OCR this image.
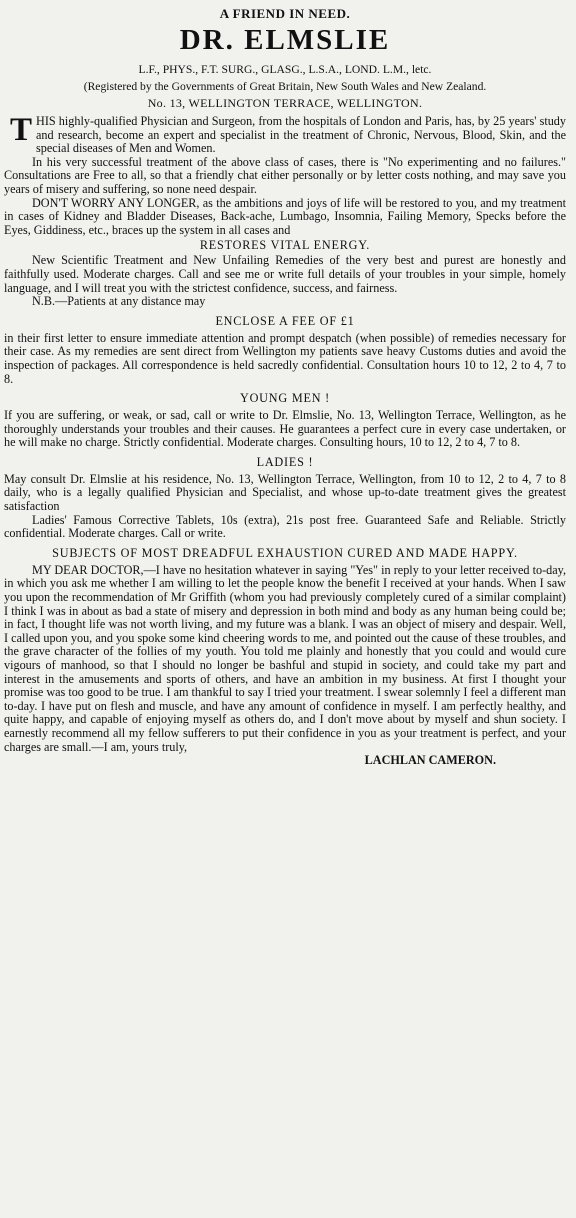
A FRIEND IN NEED.
DR. ELMSLIE
L.F., PHYS., F.T. SURG., GLASG., L.S.A., LOND. L.M., letc.
(Registered by the Governments of Great Britain, New South Wales and New Zealand.
No. 13, WELLINGTON TERRACE, WELLINGTON.

THIS highly-qualified Physician and Surgeon, from the hospitals of London and Paris, has, by 25 years' study and research, become an expert and specialist in the treatment of Chronic, Nervous, Blood, Skin, and the special diseases of Men and Women.

In his very successful treatment of the above class of cases, there is "No experimenting and no failures." Consultations are Free to all, so that a friendly chat either personally or by letter costs nothing, and may save you years of misery and suffering, so none need despair.

DON'T WORRY ANY LONGER, as the ambitions and joys of life will be restored to you, and my treatment in cases of Kidney and Bladder Diseases, Back-ache, Lumbago, Insomnia, Failing Memory, Specks before the Eyes, Giddiness, etc., braces up the system in all cases and

RESTORES VITAL ENERGY.

New Scientific Treatment and New Unfailing Remedies of the very best and purest are honestly and faithfully used. Moderate charges. Call and see me or write full details of your troubles in your simple, homely language, and I will treat you with the strictest confidence, success, and fairness.

N.B.—Patients at any distance may

ENCLOSE A FEE OF £1

in their first letter to ensure immediate attention and prompt despatch (when possible) of remedies necessary for their case. As my remedies are sent direct from Wellington my patients save heavy Customs duties and avoid the inspection of packages. All correspondence is held sacredly confidential. Consultation hours 10 to 12, 2 to 4, 7 to 8.

YOUNG MEN !

If you are suffering, or weak, or sad, call or write to Dr. Elmslie, No. 13, Wellington Terrace, Wellington, as he thoroughly understands your troubles and their causes. He guarantees a perfect cure in every case undertaken, or he will make no charge. Strictly confidential. Moderate charges. Consulting hours, 10 to 12, 2 to 4, 7 to 8.

LADIES !

May consult Dr. Elmslie at his residence, No. 13, Wellington Terrace, Wellington, from 10 to 12, 2 to 4, 7 to 8 daily, who is a legally qualified Physician and Specialist, and whose up-to-date treatment gives the greatest satisfaction

Ladies' Famous Corrective Tablets, 10s (extra), 21s post free. Guaranteed Safe and Reliable. Strictly confidential. Moderate charges. Call or write.

SUBJECTS OF MOST DREADFUL EXHAUSTION CURED AND MADE HAPPY.

MY DEAR DOCTOR,—I have no hesitation whatever in saying "Yes" in reply to your letter received to-day, in which you ask me whether I am willing to let the people know the benefit I received at your hands. When I saw you upon the recommendation of Mr Griffith (whom you had previously completely cured of a similar complaint) I think I was in about as bad a state of misery and depression in both mind and body as any human being could be; in fact, I thought life was not worth living, and my future was a blank. I was an object of misery and despair. Well, I called upon you, and you spoke some kind cheering words to me, and pointed out the cause of these troubles, and the grave character of the follies of my youth. You told me plainly and honestly that you could and would cure vigours of manhood, so that I should no longer be bashful and stupid in society, and could take my part and interest in the amusements and sports of others, and have an ambition in my business. At first I thought your promise was too good to be true. I am thankful to say I tried your treatment. I swear solemnly I feel a different man to-day. I have put on flesh and muscle, and have any amount of confidence in myself. I am perfectly healthy, and quite happy, and capable of enjoying myself as others do, and I don't move about by myself and shun society. I earnestly recommend all my fellow sufferers to put their confidence in you as your treatment is perfect, and your charges are small.—I am, yours truly,

LACHLAN CAMERON.
